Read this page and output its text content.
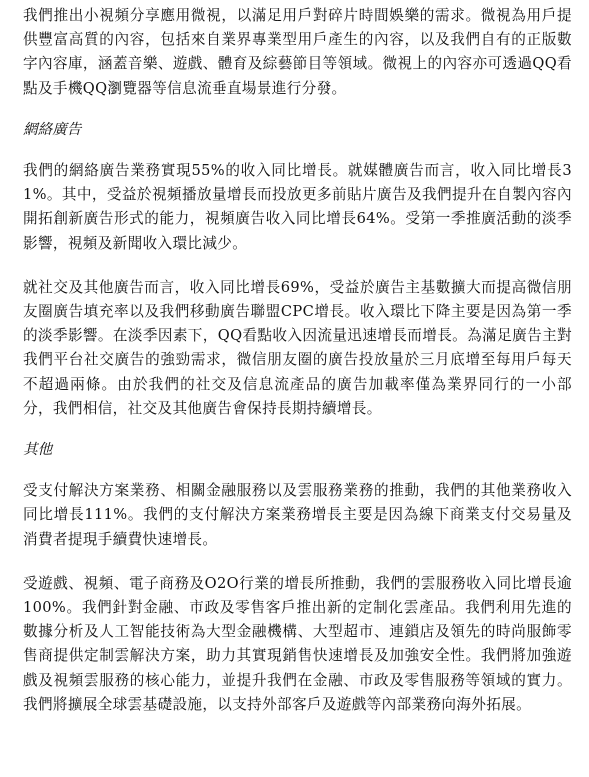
我們推出小視頻分享應用微視，以滿足用戶對碎片時間娛樂的需求。微視為用戶提供豐富高質的內容，包括來自業界專業型用戶產生的內容，以及我們自有的正版數字內容庫，涵蓋音樂、遊戲、體育及綜藝節目等領域。微視上的內容亦可透過QQ看點及手機QQ瀏覽器等信息流垂直場景進行分發。

網絡廣告

我們的網絡廣告業務實現55%的收入同比增長。就媒體廣告而言，收入同比增長31%。其中，受益於視頻播放量增長而投放更多前貼片廣告及我們提升在自製內容內開拓創新廣告形式的能力，視頻廣告收入同比增長64%。受第一季推廣活動的淡季影響，視頻及新聞收入環比減少。

就社交及其他廣告而言，收入同比增長69%，受益於廣告主基數擴大而提高微信朋友圈廣告填充率以及我們移動廣告聯盟CPC增長。收入環比下降主要是因為第一季的淡季影響。在淡季因素下，QQ看點收入因流量迅速增長而增長。為滿足廣告主對我們平台社交廣告的強勁需求，微信朋友圈的廣告投放量於三月底增至每用戶每天不超過兩條。由於我們的社交及信息流產品的廣告加載率僅為業界同行的一小部分，我們相信，社交及其他廣告會保持長期持續增長。

其他

受支付解決方案業務、相關金融服務以及雲服務業務的推動，我們的其他業務收入同比增長111%。我們的支付解決方案業務增長主要是因為線下商業支付交易量及消費者提現手續費快速增長。

受遊戲、視頻、電子商務及O2O行業的增長所推動，我們的雲服務收入同比增長逾100%。我們針對金融、市政及零售客戶推出新的定制化雲產品。我們利用先進的數據分析及人工智能技術為大型金融機構、大型超市、連鎖店及領先的時尚服飾零售商提供定制雲解決方案，助力其實現銷售快速增長及加強安全性。我們將加強遊戲及視頻雲服務的核心能力，並提升我們在金融、市政及零售服務等領域的實力。我們將擴展全球雲基礎設施，以支持外部客戶及遊戲等內部業務向海外拓展。
